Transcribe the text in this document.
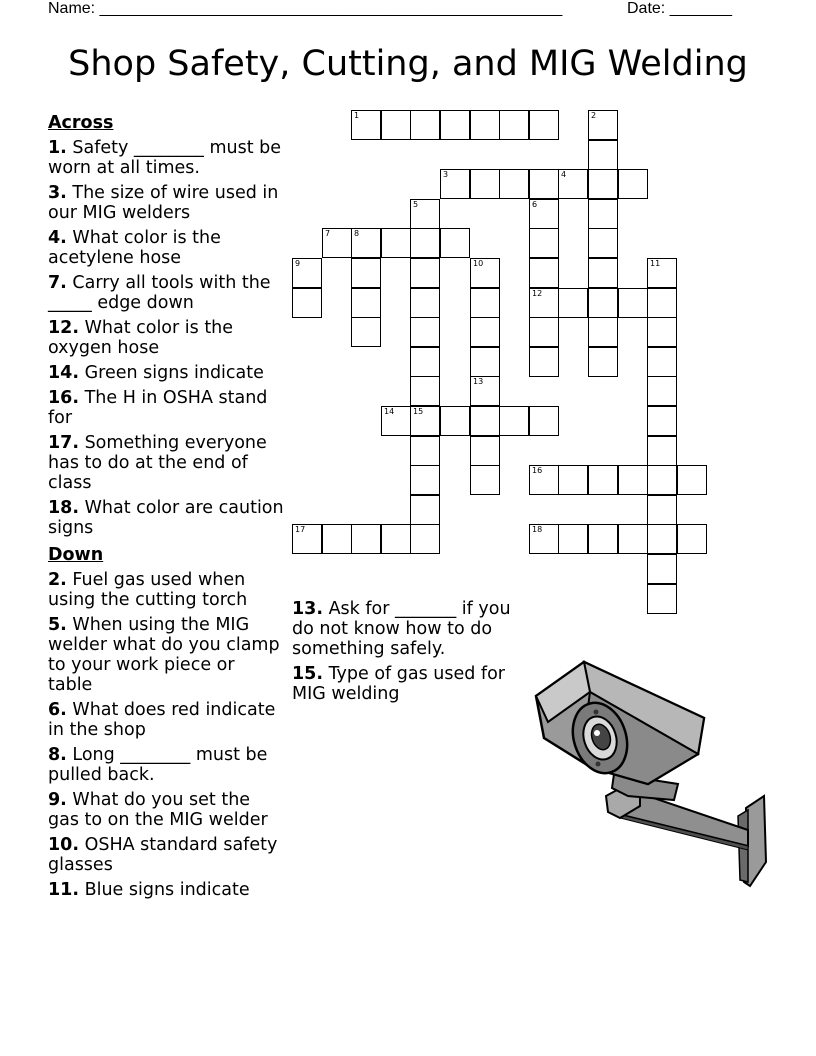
Name: ____________________________________________________	Date: _______
Shop Safety, Cutting, and MIG Welding
Across
1. Safety ________ must be worn at all times.
3. The size of wire used in our MIG welders
4. What color is the acetylene hose
7. Carry all tools with the _____ edge down
12. What color is the oxygen hose
14. Green signs indicate
16. The H in OSHA stand for
17. Something everyone has to do at the end of class
18. What color are caution signs
Down
2. Fuel gas used when using the cutting torch
5. When using the MIG welder what do you clamp to your work piece or table
6. What does red indicate in the shop
8. Long ________ must be pulled back.
9. What do you set the gas to on the MIG welder
10. OSHA standard safety glasses
11. Blue signs indicate
13. Ask for _______ if you do not know how to do something safely.
15. Type of gas used for MIG welding
1	2
3	4
5
15
6
12
7	8
9	10	11
13
14
16
17	18
